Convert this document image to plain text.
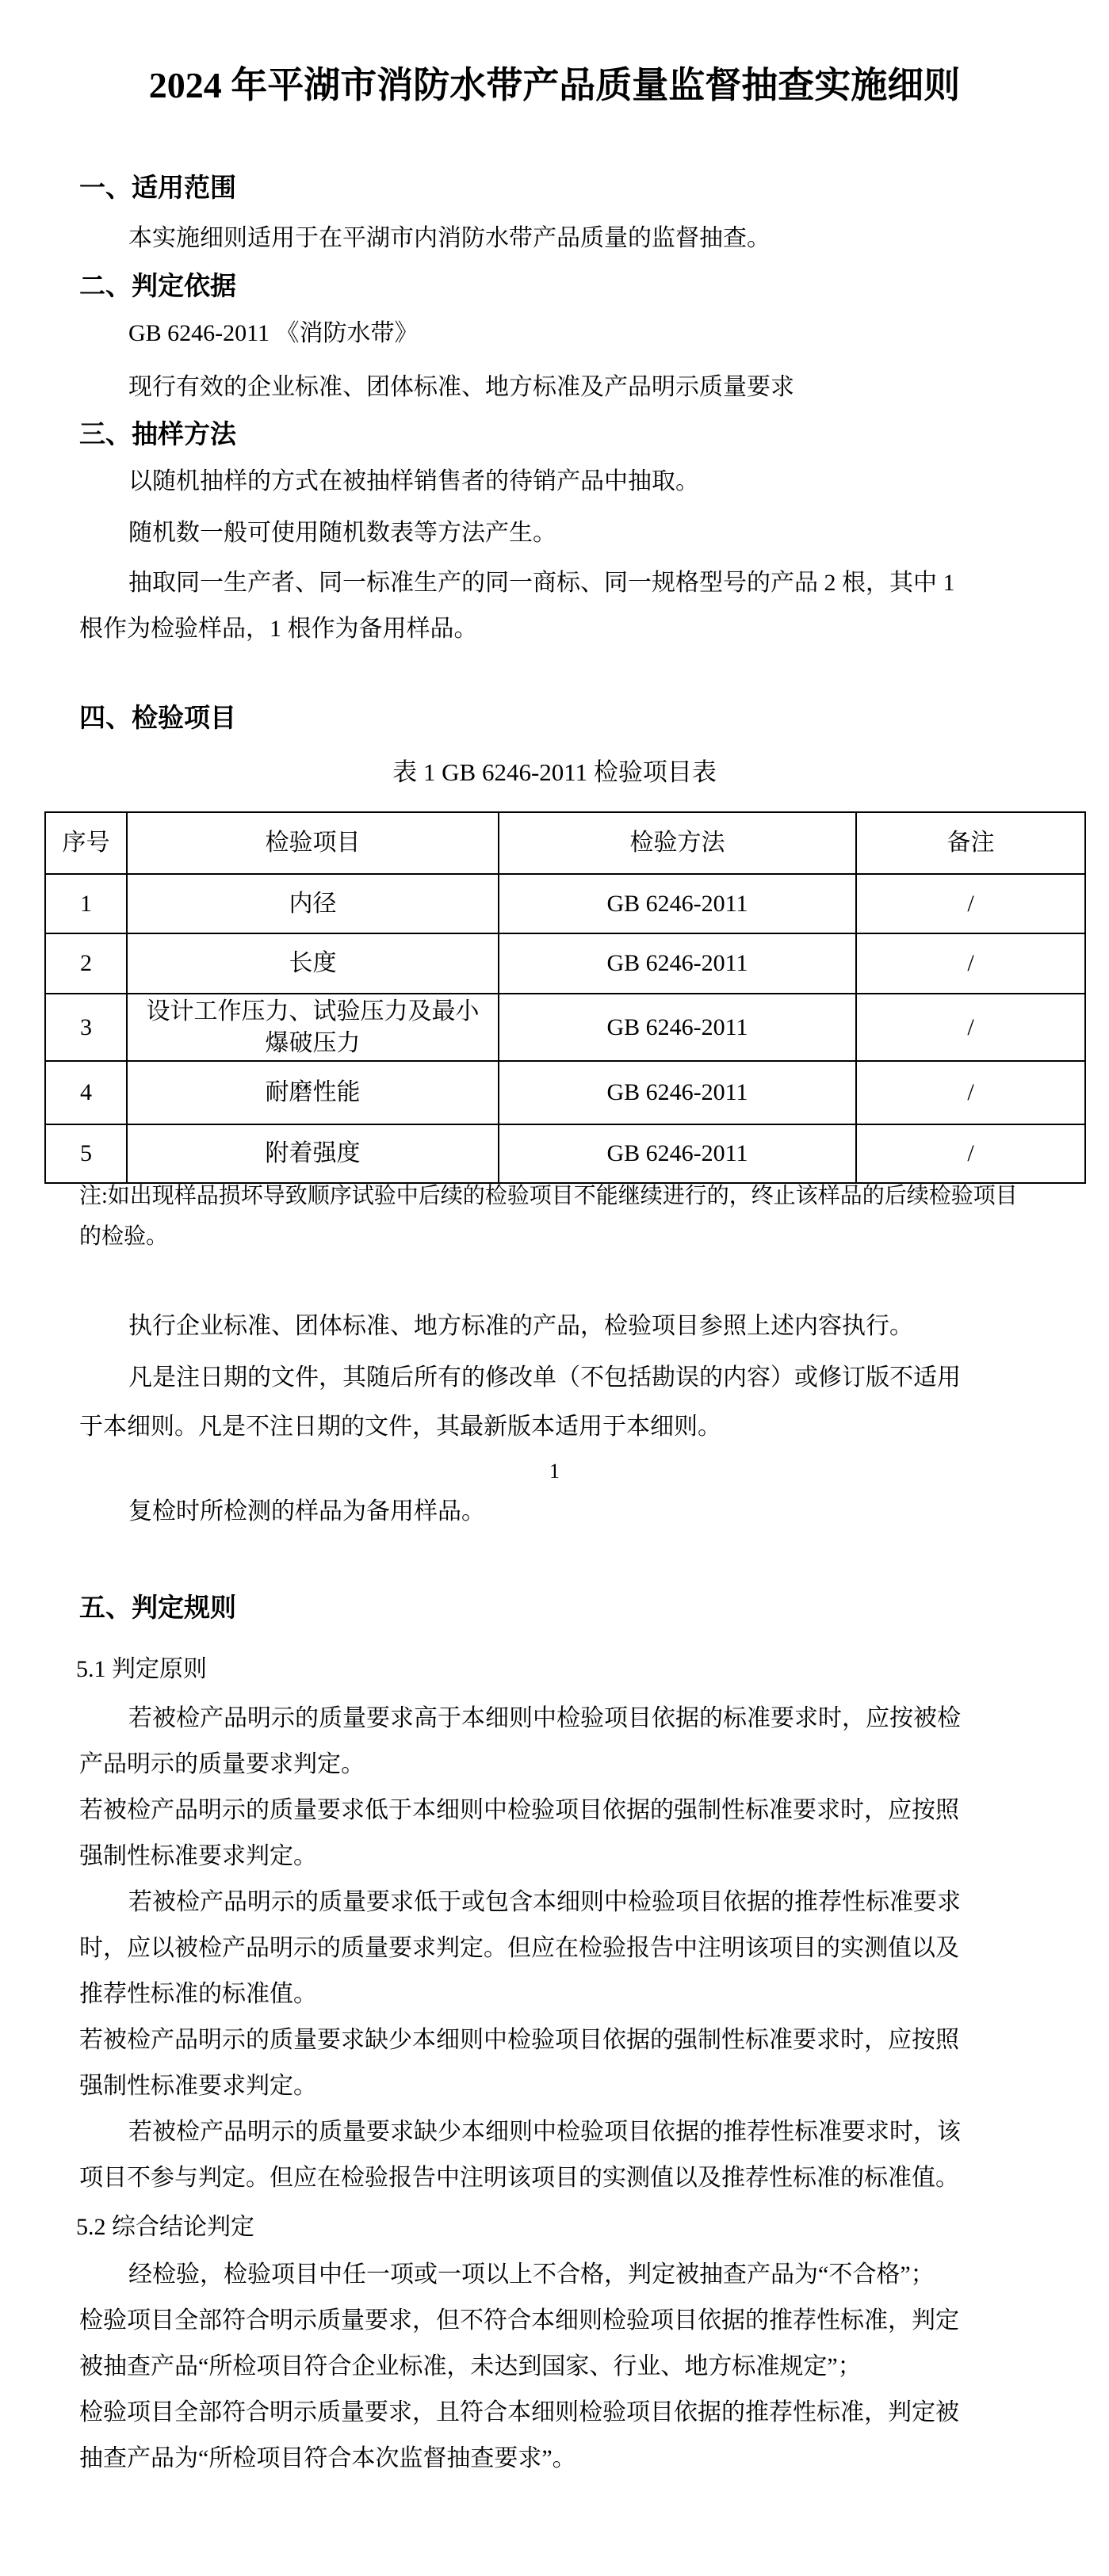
2024 年平湖市消防水带产品质量监督抽查实施细则
一、适用范围
本实施细则适用于在平湖市内消防水带产品质量的监督抽查。
二、判定依据
GB 6246-2011 《消防水带》
现行有效的企业标准、团体标准、地方标准及产品明示质量要求
三、抽样方法
以随机抽样的方式在被抽样销售者的待销产品中抽取。
随机数一般可使用随机数表等方法产生。
抽取同一生产者、同一标准生产的同一商标、同一规格型号的产品 2 根，其中 1
根作为检验样品，1 根作为备用样品。
四、检验项目
表 1 GB 6246-2011 检验项目表
序号	检验项目	检验方法	备注
1	内径	GB 6246-2011	/
2	长度	GB 6246-2011	/
3	设计工作压力、试验压力及最小爆破压力	GB 6246-2011	/
4	耐磨性能	GB 6246-2011	/
5	附着强度	GB 6246-2011	/
注:如出现样品损坏导致顺序试验中后续的检验项目不能继续进行的，终止该样品的后续检验项目
的检验。
执行企业标准、团体标准、地方标准的产品，检验项目参照上述内容执行。
凡是注日期的文件，其随后所有的修改单（不包括勘误的内容）或修订版不适用
于本细则。凡是不注日期的文件，其最新版本适用于本细则。
1
复检时所检测的样品为备用样品。
五、判定规则
5.1 判定原则
若被检产品明示的质量要求高于本细则中检验项目依据的标准要求时，应按被检
产品明示的质量要求判定。
若被检产品明示的质量要求低于本细则中检验项目依据的强制性标准要求时，应按照
强制性标准要求判定。
若被检产品明示的质量要求低于或包含本细则中检验项目依据的推荐性标准要求
时，应以被检产品明示的质量要求判定。但应在检验报告中注明该项目的实测值以及
推荐性标准的标准值。
若被检产品明示的质量要求缺少本细则中检验项目依据的强制性标准要求时，应按照
强制性标准要求判定。
若被检产品明示的质量要求缺少本细则中检验项目依据的推荐性标准要求时，该
项目不参与判定。但应在检验报告中注明该项目的实测值以及推荐性标准的标准值。
5.2 综合结论判定
经检验，检验项目中任一项或一项以上不合格，判定被抽查产品为“不合格”；
检验项目全部符合明示质量要求，但不符合本细则检验项目依据的推荐性标准，判定
被抽查产品“所检项目符合企业标准，未达到国家、行业、地方标准规定”；
检验项目全部符合明示质量要求，且符合本细则检验项目依据的推荐性标准，判定被
抽查产品为“所检项目符合本次监督抽查要求”。
